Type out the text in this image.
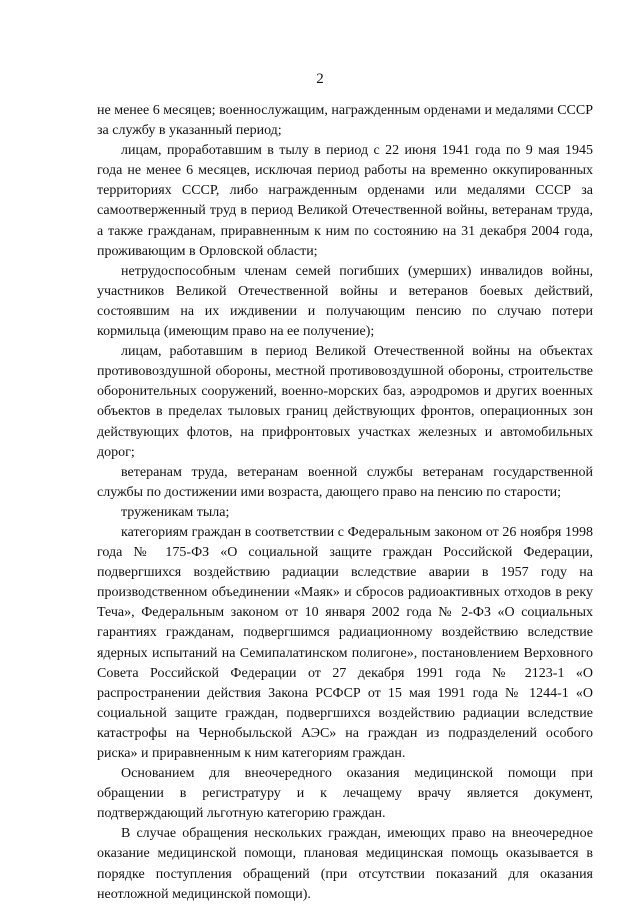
2

не менее 6 месяцев; военнослужащим, награжденным орденами и медалями СССР за службу в указанный период;

лицам, проработавшим в тылу в период с 22 июня 1941 года по 9 мая 1945 года не менее 6 месяцев, исключая период работы на временно оккупированных территориях СССР, либо награжденным орденами или медалями СССР за самоотверженный труд в период Великой Отечественной войны, ветеранам труда, а также гражданам, приравненным к ним по состоянию на 31 декабря 2004 года, проживающим в Орловской области;

нетрудоспособным членам семей погибших (умерших) инвалидов войны, участников Великой Отечественной войны и ветеранов боевых действий, состоявшим на их иждивении и получающим пенсию по случаю потери кормильца (имеющим право на ее получение);

лицам, работавшим в период Великой Отечественной войны на объектах противовоздушной обороны, местной противовоздушной обороны, строительстве оборонительных сооружений, военно-морских баз, аэродромов и других военных объектов в пределах тыловых границ действующих фронтов, операционных зон действующих флотов, на прифронтовых участках железных и автомобильных дорог;

ветеранам труда, ветеранам военной службы ветеранам государственной службы по достижении ими возраста, дающего право на пенсию по старости;

труженикам тыла;

категориям граждан в соответствии с Федеральным законом от 26 ноября 1998 года № 175-ФЗ «О социальной защите граждан Российской Федерации, подвергшихся воздействию радиации вследствие аварии в 1957 году на производственном объединении «Маяк» и сбросов радиоактивных отходов в реку Теча», Федеральным законом от 10 января 2002 года № 2-ФЗ «О социальных гарантиях гражданам, подвергшимся радиационному воздействию вследствие ядерных испытаний на Семипалатинском полигоне», постановлением Верховного Совета Российской Федерации от 27 декабря 1991 года № 2123-1 «О распространении действия Закона РСФСР от 15 мая 1991 года № 1244-1 «О социальной защите граждан, подвергшихся воздействию радиации вследствие катастрофы на Чернобыльской АЭС» на граждан из подразделений особого риска» и приравненным к ним категориям граждан.

Основанием для внеочередного оказания медицинской помощи при обращении в регистратуру и к лечащему врачу является документ, подтверждающий льготную категорию граждан.

В случае обращения нескольких граждан, имеющих право на внеочередное оказание медицинской помощи, плановая медицинская помощь оказывается в порядке поступления обращений (при отсутствии показаний для оказания неотложной медицинской помощи).
